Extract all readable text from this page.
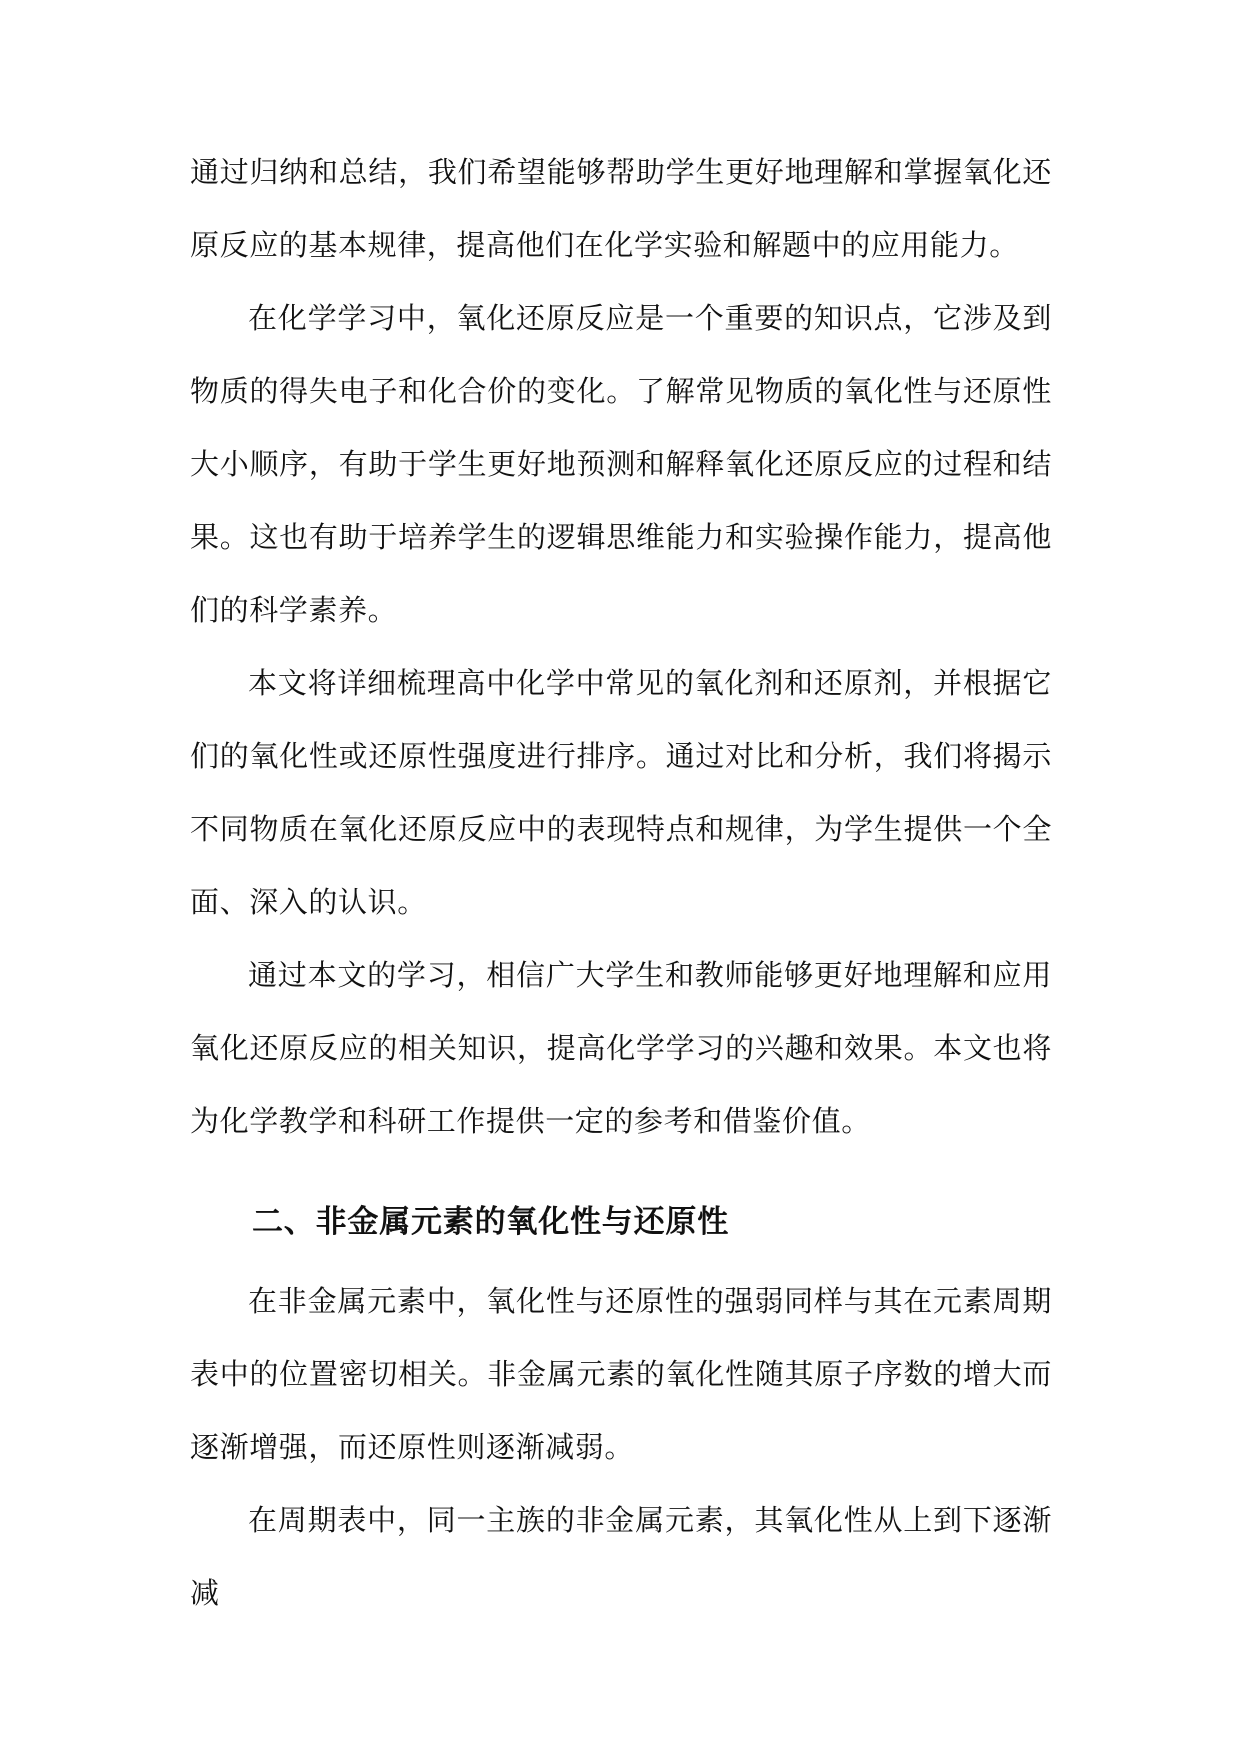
通过归纳和总结，我们希望能够帮助学生更好地理解和掌握氧化还原反应的基本规律，提高他们在化学实验和解题中的应用能力。

在化学学习中，氧化还原反应是一个重要的知识点，它涉及到物质的得失电子和化合价的变化。了解常见物质的氧化性与还原性大小顺序，有助于学生更好地预测和解释氧化还原反应的过程和结果。这也有助于培养学生的逻辑思维能力和实验操作能力，提高他们的科学素养。

本文将详细梳理高中化学中常见的氧化剂和还原剂，并根据它们的氧化性或还原性强度进行排序。通过对比和分析，我们将揭示不同物质在氧化还原反应中的表现特点和规律，为学生提供一个全面、深入的认识。

通过本文的学习，相信广大学生和教师能够更好地理解和应用氧化还原反应的相关知识，提高化学学习的兴趣和效果。本文也将为化学教学和科研工作提供一定的参考和借鉴价值。

二、非金属元素的氧化性与还原性

在非金属元素中，氧化性与还原性的强弱同样与其在元素周期表中的位置密切相关。非金属元素的氧化性随其原子序数的增大而逐渐增强，而还原性则逐渐减弱。

在周期表中，同一主族的非金属元素，其氧化性从上到下逐渐减
